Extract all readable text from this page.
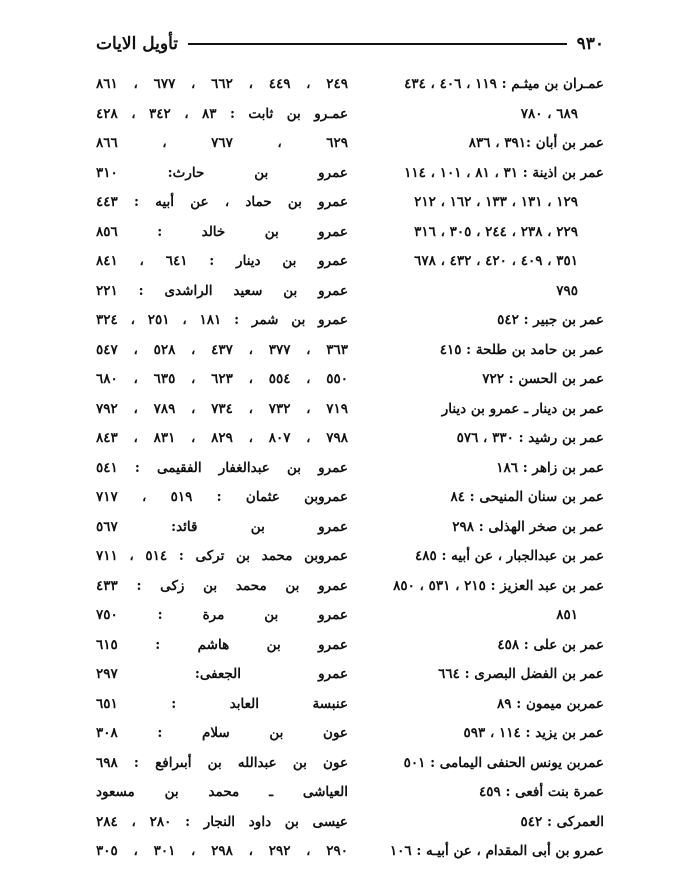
٩٣٠
تأويل الايات
عمـران بن ميثـم : ١١٩ ، ٤٠٦ ، ٤٣٤
٦٨٩ ، ٧٨٠
عمر بن أبان :٣٩١ ، ٨٣٦
عمر بن اذينة : ٣١ ، ٨١ ، ١٠١ ، ١١٤
١٢٩ ، ١٣١ ، ١٣٣ ، ١٦٢ ، ٢١٢
٢٢٩ ، ٢٣٨ ، ٢٤٤ ، ٣٠٥ ، ٣١٦
٣٥١ ، ٤٠٩ ، ٤٢٠ ، ٤٣٢ ، ٦٧٨
٧٩٥
عمر بن جبير : ٥٤٢
عمر بن حامد بن طلحة : ٤١٥
عمر بن الحسن : ٧٢٢
عمر بن دينار ـ عمرو بن دينار
عمر بن رشيد : ٣٣٠ ، ٥٧٦
عمر بن زاهر : ١٨٦
عمر بن سنان المنيحى : ٨٤
عمر بن صخر الهذلى : ٢٩٨
عمر بن عبدالجبار ، عن أبيه : ٤٨٥
عمر بن عبد العزيز : ٢١٥ ، ٥٣١ ، ٨٥٠
٨٥١
عمر بن على : ٤٥٨
عمر بن الفضل البصرى : ٦٦٤
عمربن ميمون : ٨٩
عمر بن يزيد : ١١٤ ، ٥٩٣
عمربن يونس الحنفى اليمامى : ٥٠١
عمرة بنت أفعى : ٤٥٩
العمركى : ٥٤٢
عمرو بن أبى المقدام ، عن أبيـه : ١٠٦
٢٤٩ ، ٤٤٩ ، ٦٦٢ ، ٦٧٧ ، ٨٦١
عمـرو بن ثابت : ٨٣ ، ٣٤٢ ، ٤٢٨
٦٢٩ ، ٧٦٧ ، ٨٦٦
عمرو بن حارث: ٣١٠
عمرو بن حماد ، عن أبيه : ٤٤٣
عمرو بن خالد : ٨٥٦
عمرو بن دينار : ٦٤١ ، ٨٤١
عمرو بن سعيد الراشدى : ٢٢١
عمرو بن شمر : ١٨١ ، ٢٥١ ، ٣٢٤
٣٦٣ ، ٣٧٧ ، ٤٣٧ ، ٥٢٨ ، ٥٤٧
٥٥٠ ، ٥٥٤ ، ٦٢٣ ، ٦٣٥ ، ٦٨٠
٧١٩ ، ٧٣٢ ، ٧٣٤ ، ٧٨٩ ، ٧٩٢
٧٩٨ ، ٨٠٧ ، ٨٢٩ ، ٨٣١ ، ٨٤٣
عمرو بن عبدالغفار الفقيمى : ٥٤١
عمروبن عثمان : ٥١٩ ، ٧١٧
عمرو بن قائد: ٥٦٧
عمروبن محمد بن تركى : ٥١٤ ، ٧١١
عمرو بن محمد بن زكى : ٤٣٣
عمرو بن مرة : ٧٥٠
عمرو بن هاشم : ٦١٥
عمرو الجعفى: ٢٩٧
عنبسة العابد : ٦٥١
عون بن سلام : ٣٠٨
عون بن عبدالله بن أبىرافع : ٦٩٨
العياشى ـ محمد بن مسعود
عيسى بن داود النجار : ٢٨٠ ، ٢٨٤
٢٩٠ ، ٢٩٢ ، ٢٩٨ ، ٣٠١ ، ٣٠٥
